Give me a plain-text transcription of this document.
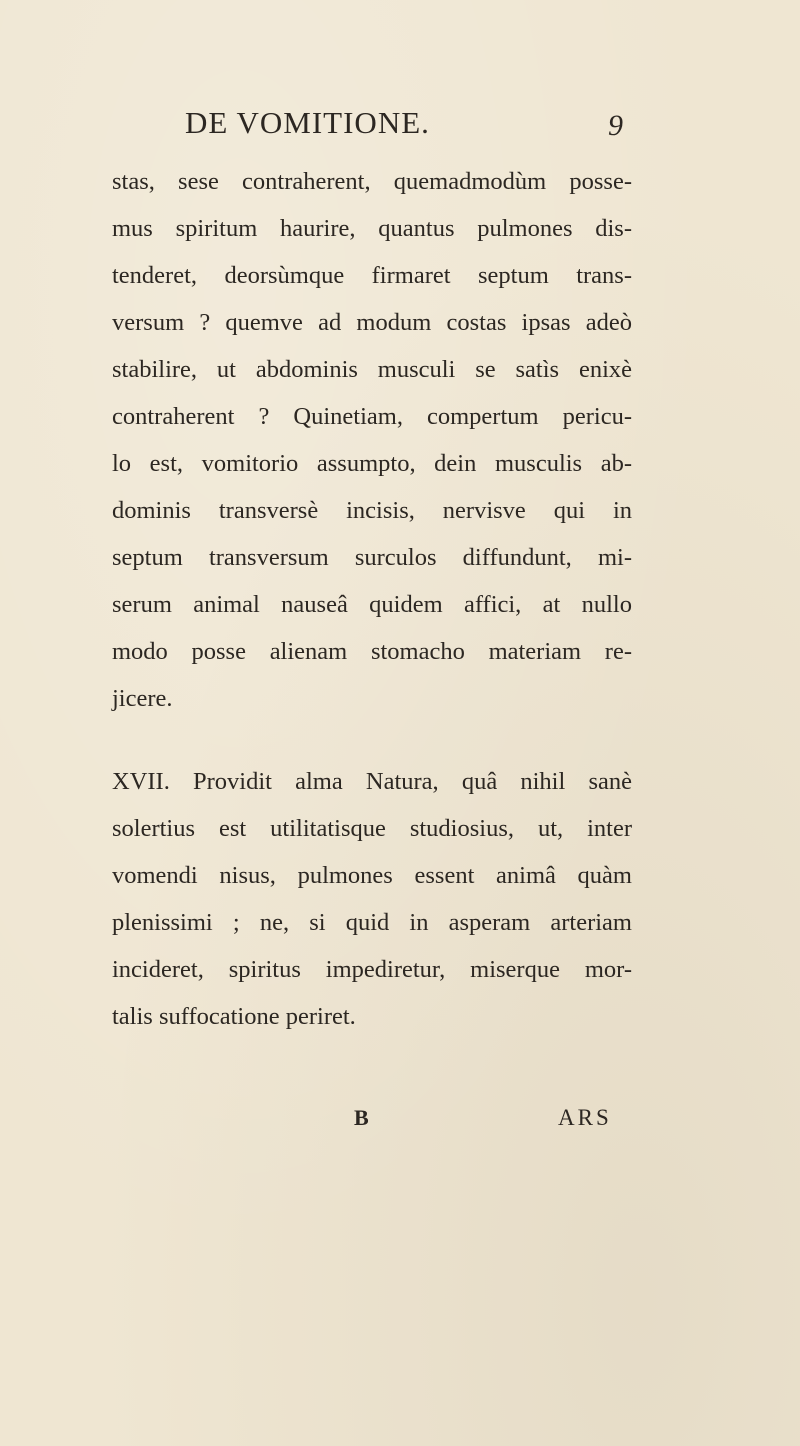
DE VOMITIONE.	9
stas, sese contraherent, quemadmodùm posse-
mus spiritum haurire, quantus pulmones dis-
tenderet, deorsùmque firmaret septum trans-
versum ? quemve ad modum costas ipsas adeò
stabilire, ut abdominis musculi se satìs enixè
contraherent ? Quinetiam, compertum pericu-
lo est, vomitorio assumpto, dein musculis ab-
dominis transversè incisis, nervisve qui in
septum transversum surculos diffundunt, mi-
serum animal nauseâ quidem affici, at nullo
modo posse alienam stomacho materiam re-
jicere.
XVII. Providit alma Natura, quâ nihil sanè
solertius est utilitatisque studiosius, ut, inter
vomendi nisus, pulmones essent animâ quàm
plenissimi ; ne, si quid in asperam arteriam
incideret, spiritus impediretur, miserque mor-
talis suffocatione periret.
B	ARS
